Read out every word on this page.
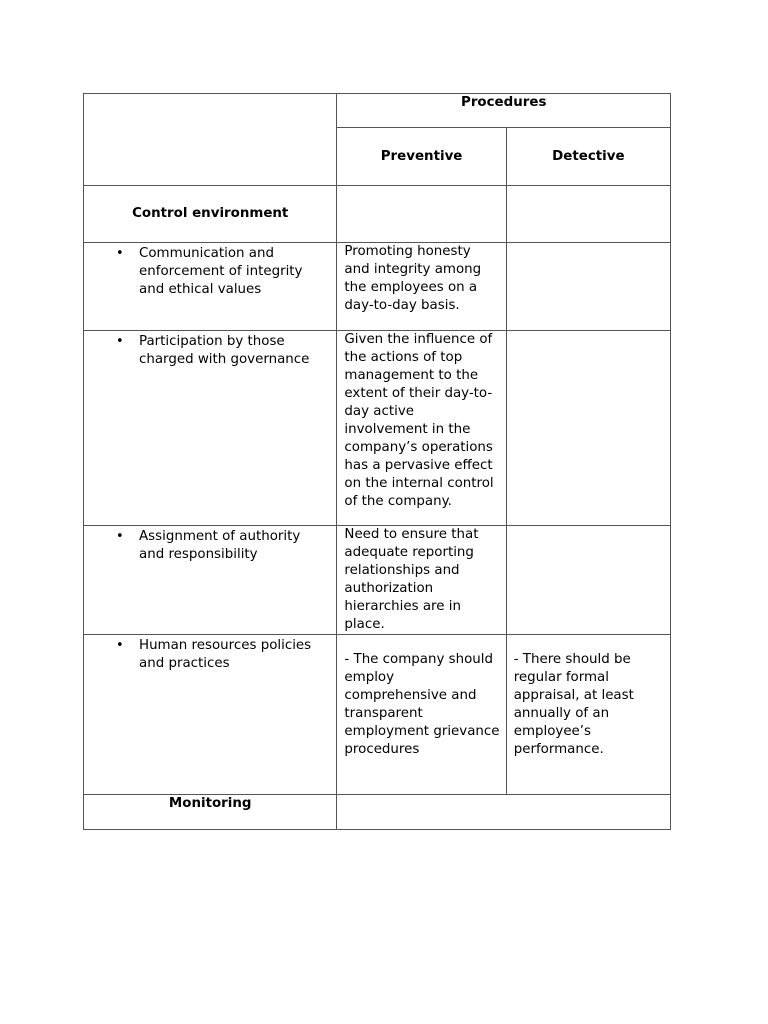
	Procedures	

	Preventive	Detective
Control environment		

• Communication and enforcement of integrity and ethical values	Promoting honesty and integrity among the employees on a day-to-day basis.	

• Participation by those charged with governance	Given the influence of the actions of top management to the extent of their day-to-day active involvement in the company’s operations has a pervasive effect on the internal control of the company.	

• Assignment of authority and responsibility	Need to ensure that adequate reporting relationships and authorization hierarchies are in place.	

• Human resources policies and practices	- The company should employ comprehensive and transparent employment grievance procedures	- There should be regular formal appraisal, at least annually of an employee’s performance.

Monitoring		
